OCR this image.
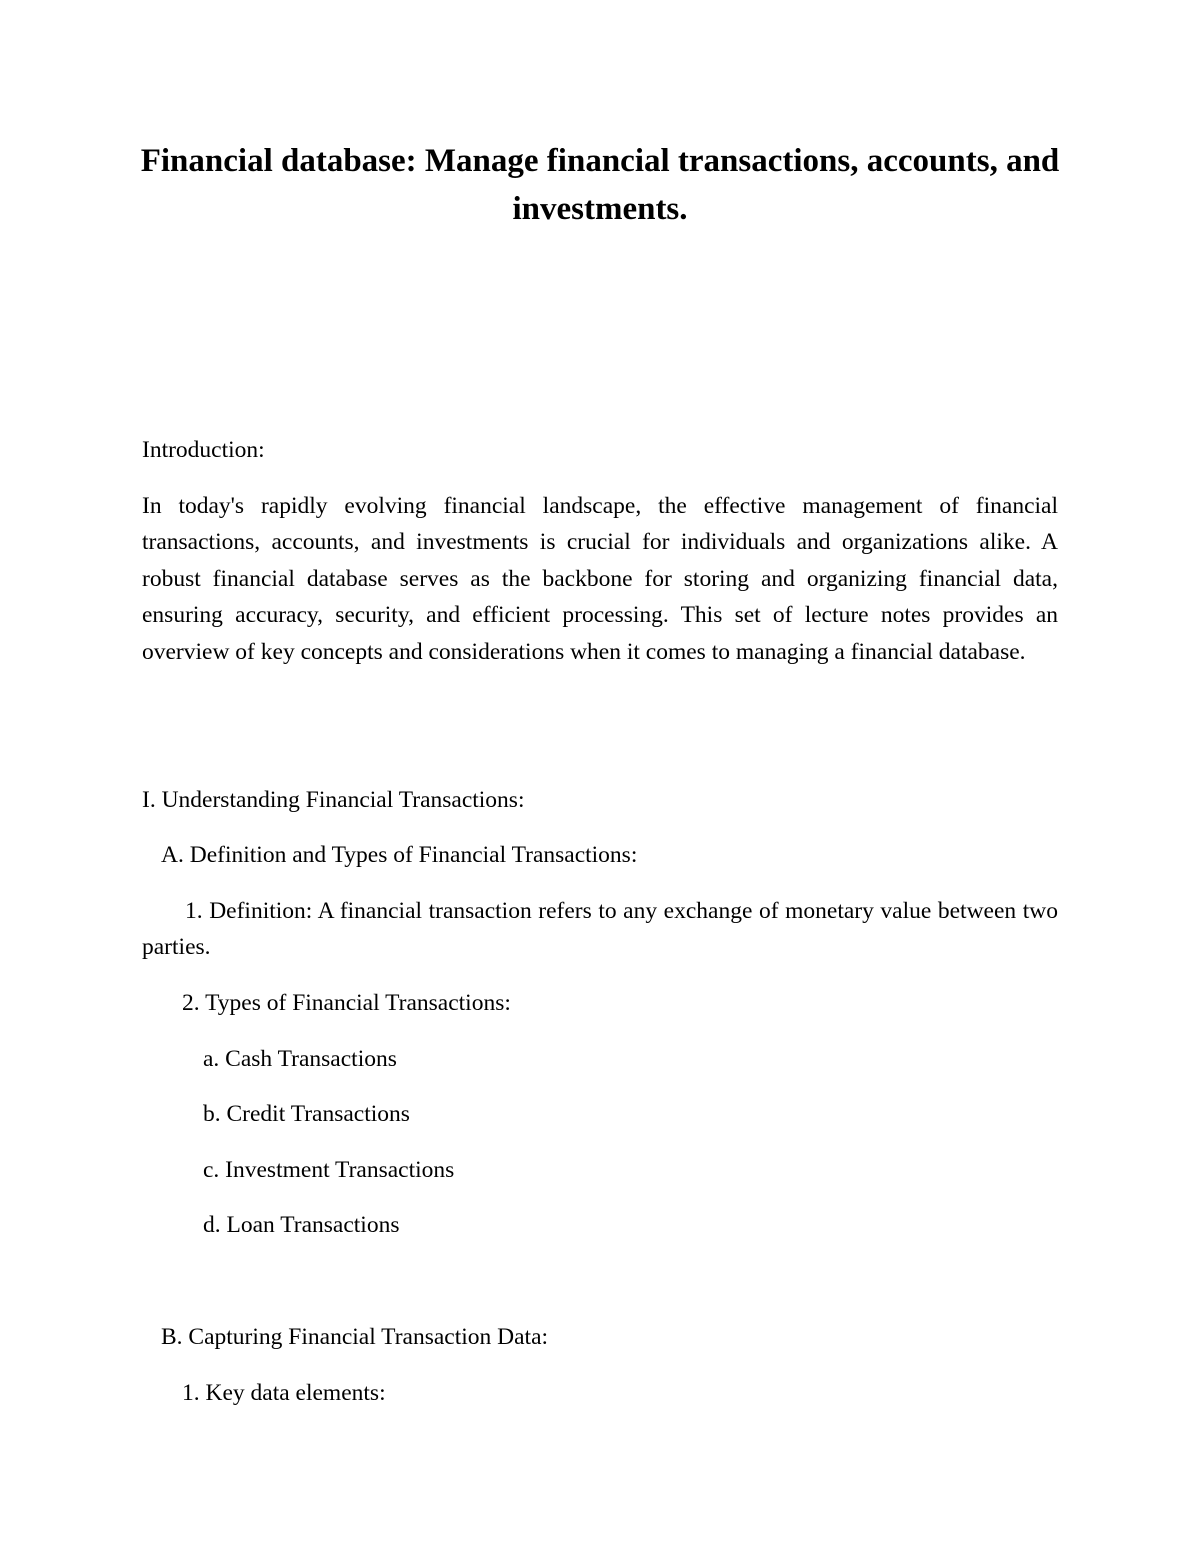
Financial database: Manage financial transactions, accounts, and investments.

Introduction:

In today's rapidly evolving financial landscape, the effective management of financial transactions, accounts, and investments is crucial for individuals and organizations alike. A robust financial database serves as the backbone for storing and organizing financial data, ensuring accuracy, security, and efficient processing. This set of lecture notes provides an overview of key concepts and considerations when it comes to managing a financial database.

I. Understanding Financial Transactions:

A. Definition and Types of Financial Transactions:

1. Definition: A financial transaction refers to any exchange of monetary value between two parties.

2. Types of Financial Transactions:

a. Cash Transactions

b. Credit Transactions

c. Investment Transactions

d. Loan Transactions

B. Capturing Financial Transaction Data:

1. Key data elements:
